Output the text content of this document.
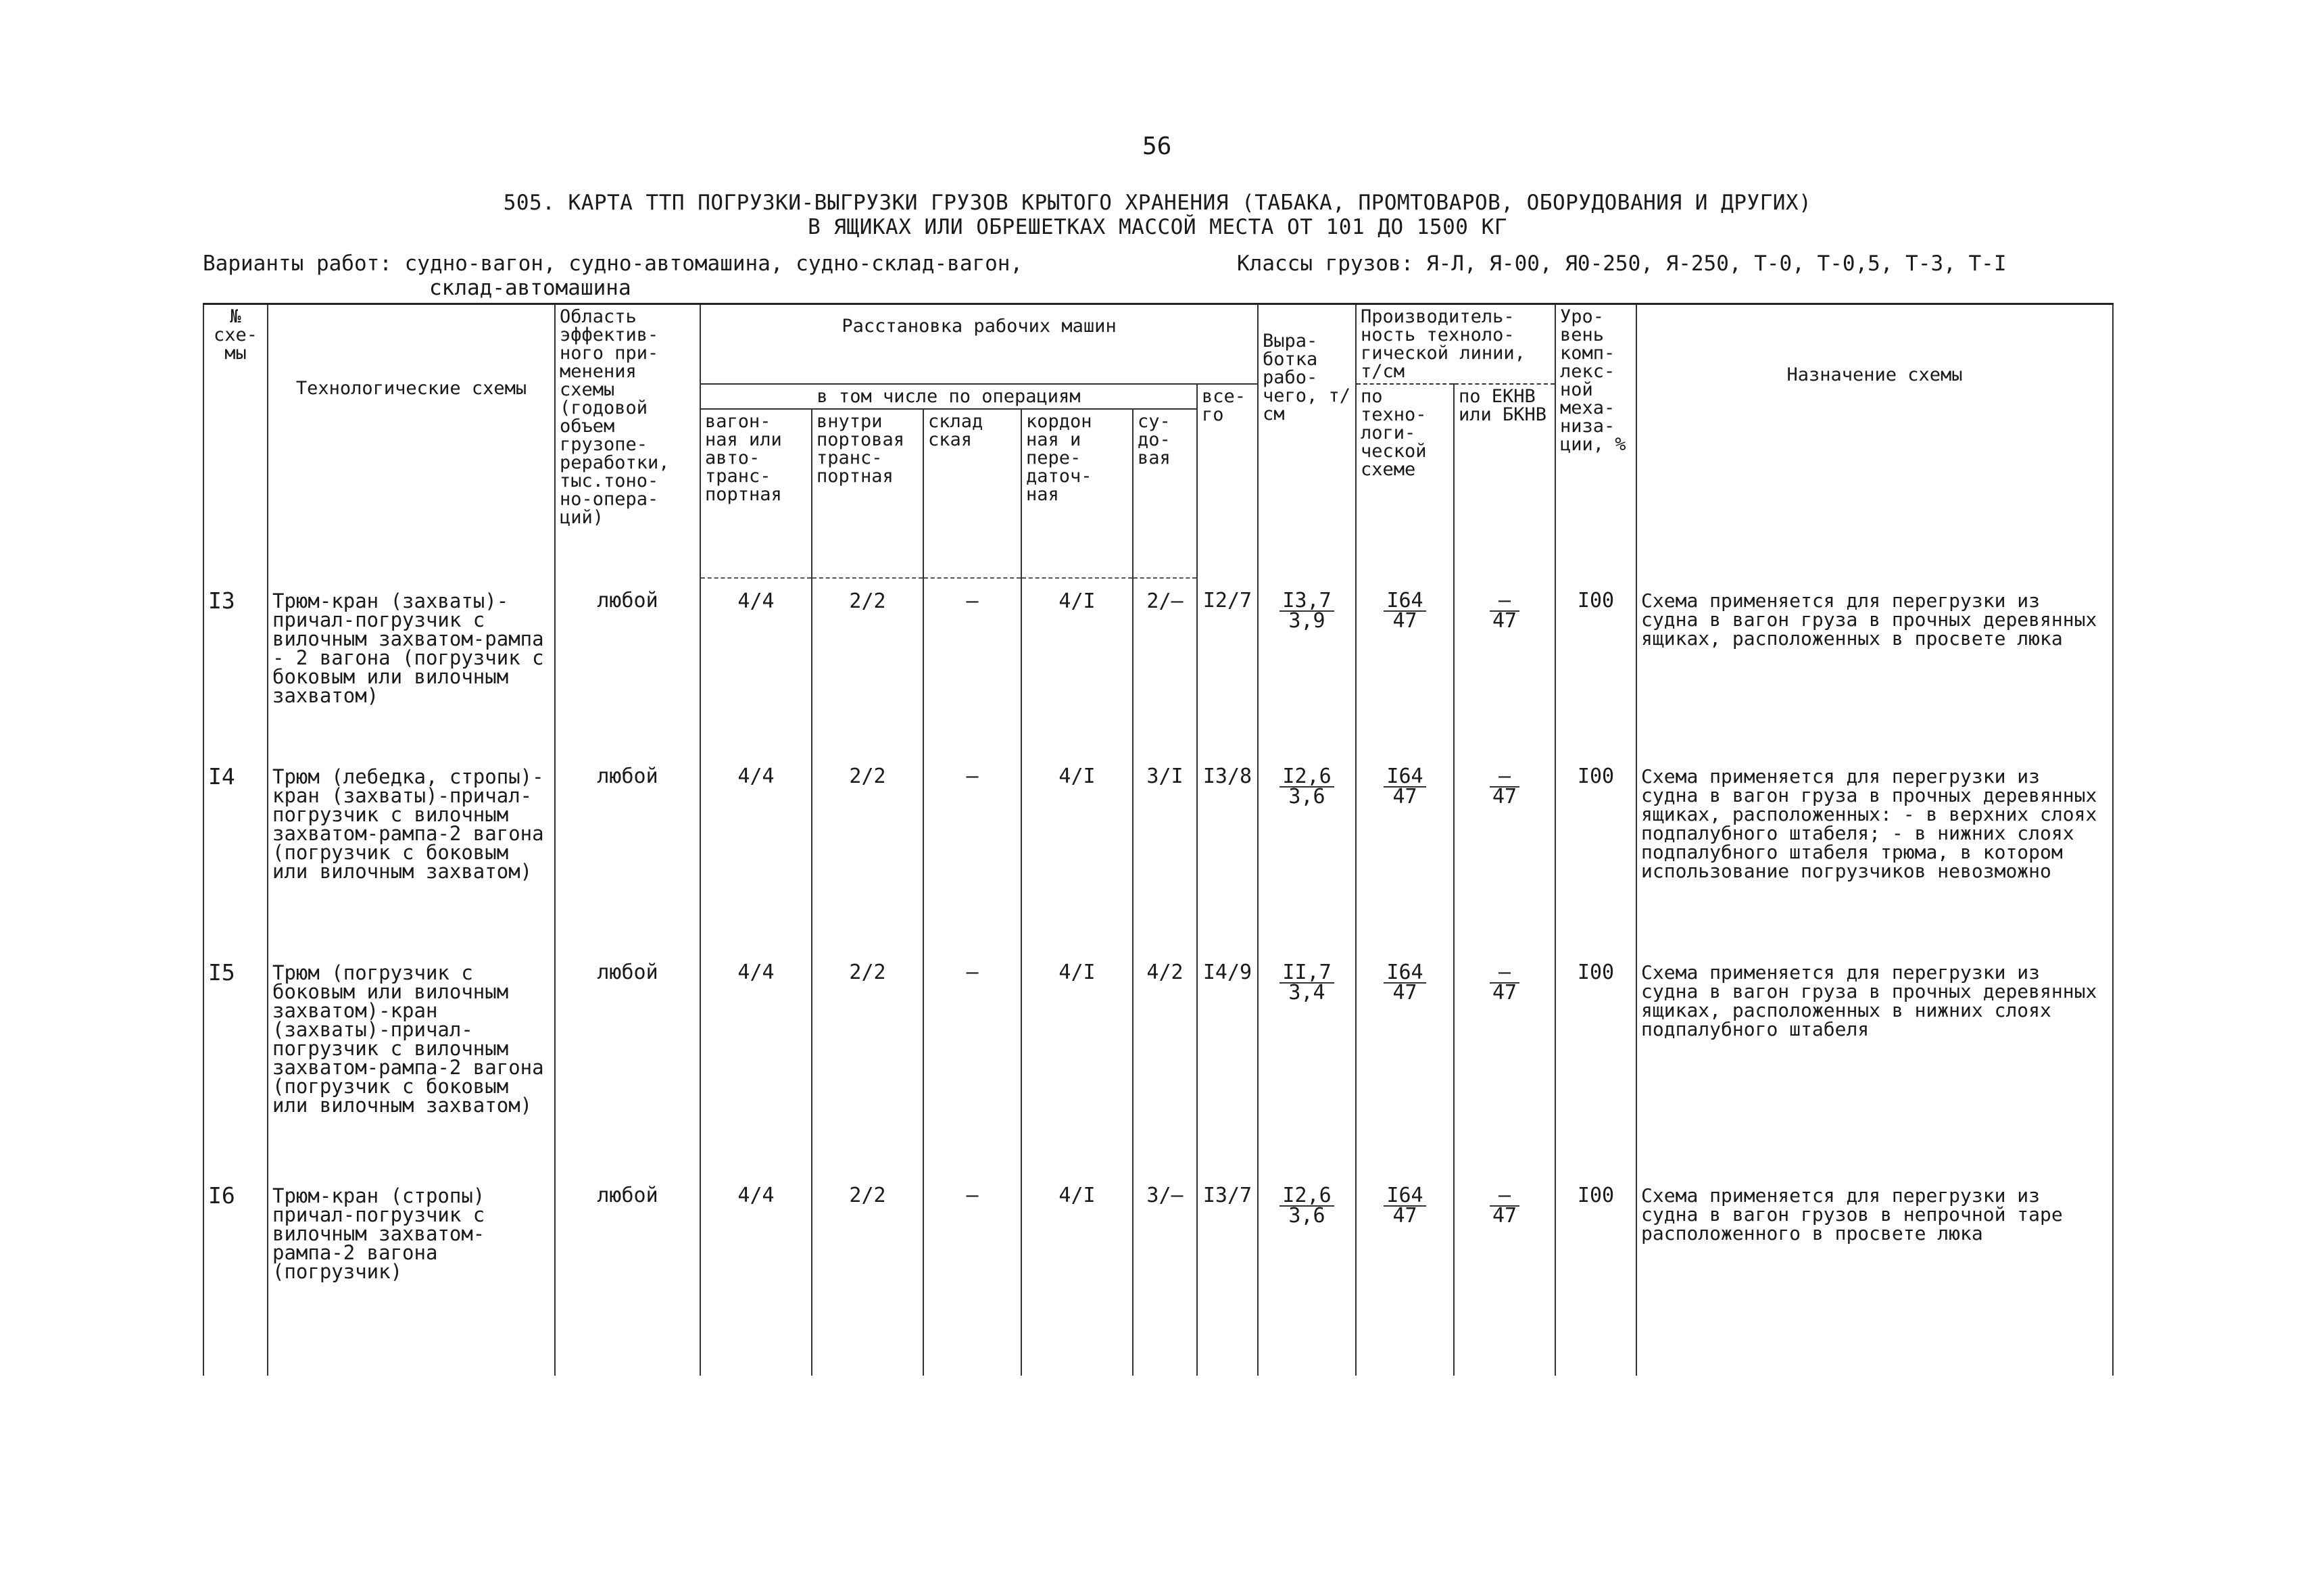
56
505. КАРТА ТТП ПОГРУЗКИ-ВЫГРУЗКИ ГРУЗОВ КРЫТОГО ХРАНЕНИЯ (ТАБАКА, ПРОМТОВАРОВ, ОБОРУДОВАНИЯ И ДРУГИХ)
В ЯЩИКАХ ИЛИ ОБРЕШЕТКАХ МАССОЙ МЕСТА ОТ 101 ДО 1500 КГ
Варианты работ: судно-вагон, судно-автомашина, судно-склад-вагон,
склад-автомашина
Классы грузов: Я-Л, Я-00, Я0-250, Я-250, Т-0, Т-0,5, Т-3, Т-I
№ схе- мы	Технологические схемы	Область эффектив- ного при- менения схемы (годовой объем грузопе- реработки, тыс.тоно- но-опера- ций)	Расстановка рабочих машин						Выра- ботка рабо- чего, т/см	Производитель- ность техноло- гической линии, т/см		Уро- вень комп- лекс- ной меха- низа- ции, %	Назначение схемы
			в том числе по операциям					все- го		по техно- логи- ческой схеме	по ЕКНВ или БКНВ		
			вагон- ная или авто- транс- портная	внутри портовая транс- портная	склад ская	кордон ная и пере- даточ- ная	су- до- вая						
I3	Трюм-кран (захваты)-причал-погрузчик с вилочным захватом-рампа - 2 вагона (погрузчик с боковым или вилочным захватом)	любой	4/4	2/2	–	4/I	2/–	I2/7	$\frac{I3,7}{3,9}$	$\frac{I64}{47}$	$\frac{-}{47}$	I00	Схема применяется для перегрузки из судна в вагон груза в прочных деревянных ящиках, расположенных в просвете люка
I4	Трюм (лебедка, стропы)-кран (захваты)-причал-погрузчик с вилочным захватом-рампа-2 вагона (погрузчик с боковым или вилочным захватом)	любой	4/4	2/2	–	4/I	3/I	I3/8	$\frac{I2,6}{3,6}$	$\frac{I64}{47}$	$\frac{-}{47}$	I00	Схема применяется для перегрузки из судна в вагон груза в прочных деревянных ящиках, расположенных: - в верхних слоях подпалубного штабеля; - в нижних слоях подпалубного штабеля трюма, в котором использование погрузчиков невозможно
I5	Трюм (погрузчик с боковым или вилочным захватом)-кран (захваты)-причал-погрузчик с вилочным захватом-рампа-2 вагона (погрузчик с боковым или вилочным захватом)	любой	4/4	2/2	–	4/I	4/2	I4/9	$\frac{II,7}{3,4}$	$\frac{I64}{47}$	$\frac{-}{47}$	I00	Схема применяется для перегрузки из судна в вагон груза в прочных деревянных ящиках, расположенных в нижних слоях подпалубного штабеля
I6	Трюм-кран (стропы) причал-погрузчик с вилочным захватом-рампа-2 вагона (погрузчик)	любой	4/4	2/2	–	4/I	3/–	I3/7	$\frac{I2,6}{3,6}$	$\frac{I64}{47}$	$\frac{-}{47}$	I00	Схема применяется для перегрузки из судна в вагон грузов в непрочной таре расположенного в просвете люка
